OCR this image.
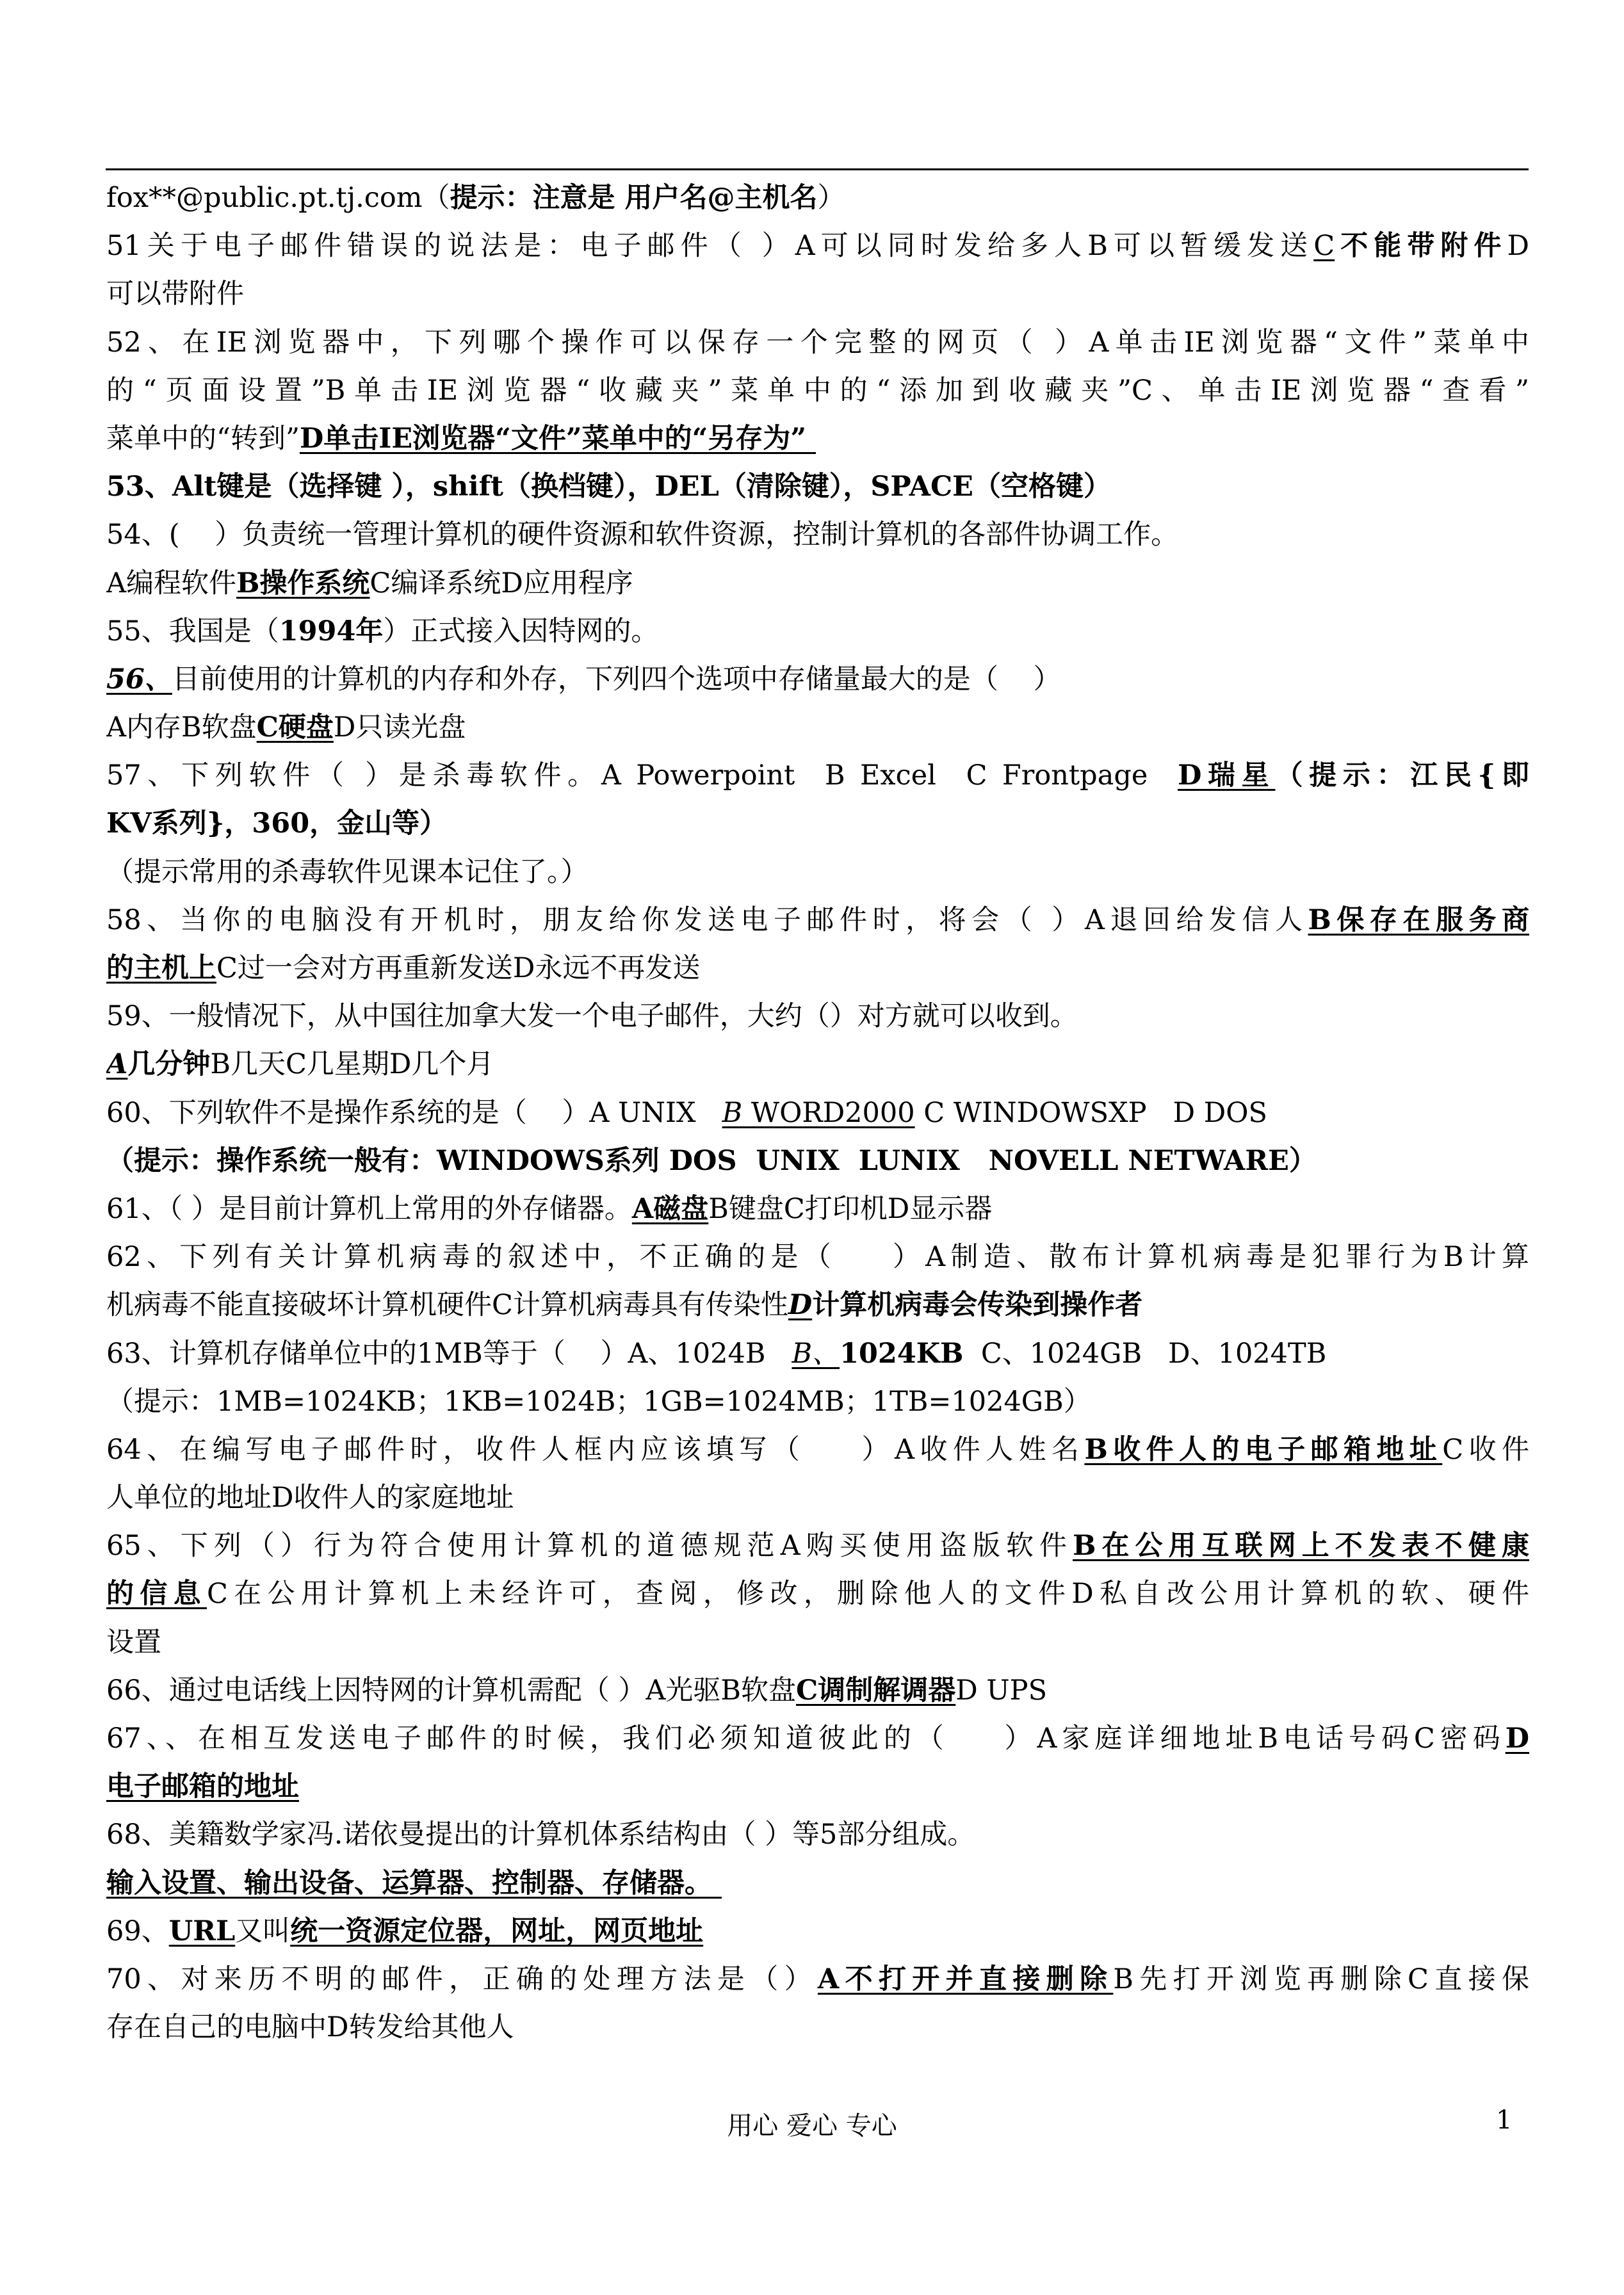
fox**@public.pt.tj.com（提示：注意是 用户名@主机名）
51关于电子邮件错误的说法是：电子邮件（ ）A可以同时发给多人B可以暂缓发送C不能带附件D
可以带附件
52、在IE浏览器中，下列哪个操作可以保存一个完整的网页（ ）A单击IE浏览器“文件”菜单中
的“页面设置”B单击IE浏览器“收藏夹”菜单中的“添加到收藏夹”C、单击IE浏览器“查看”
菜单中的“转到”D单击IE浏览器“文件”菜单中的“另存为”
53、Alt键是（选择键 ），shift（换档键），DEL（清除键），SPACE（空格键）
54、(    ）负责统一管理计算机的硬件资源和软件资源，控制计算机的各部件协调工作。
A编程软件B操作系统C编译系统D应用程序
55、我国是（1994年）正式接入因特网的。
56、目前使用的计算机的内存和外存，下列四个选项中存储量最大的是（    ）
A内存B软盘C硬盘D只读光盘
57、下列软件（ ）是杀毒软件。A Powerpoint  B Excel  C Frontpage  D瑞星（提示：江民{即
KV系列}，360，金山等）
（提示常用的杀毒软件见课本记住了。）
58、当你的电脑没有开机时，朋友给你发送电子邮件时，将会（ ）A退回给发信人B保存在服务商
的主机上C过一会对方再重新发送D永远不再发送
59、一般情况下，从中国往加拿大发一个电子邮件，大约（）对方就可以收到。
A几分钟B几天C几星期D几个月
60、下列软件不是操作系统的是（    ）A UNIX   B WORD2000 C WINDOWSXP   D DOS
（提示：操作系统一般有：WINDOWS系列 DOS  UNIX  LUNIX   NOVELL NETWARE）
61、（ ）是目前计算机上常用的外存储器。A磁盘B键盘C打印机D显示器
62、下列有关计算机病毒的叙述中，不正确的是（    ）A制造、散布计算机病毒是犯罪行为B计算
机病毒不能直接破坏计算机硬件C计算机病毒具有传染性D计算机病毒会传染到操作者
63、计算机存储单位中的1MB等于（    ）A、1024B   B、1024KB  C、1024GB   D、1024TB
（提示：1MB=1024KB；1KB=1024B；1GB=1024MB；1TB=1024GB）
64、在编写电子邮件时，收件人框内应该填写（    ）A收件人姓名B收件人的电子邮箱地址C收件
人单位的地址D收件人的家庭地址
65、下列（）行为符合使用计算机的道德规范A购买使用盗版软件B在公用互联网上不发表不健康
的信息C在公用计算机上未经许可，查阅，修改，删除他人的文件D私自改公用计算机的软、硬件
设置
66、通过电话线上因特网的计算机需配（ ）A光驱B软盘C调制解调器D UPS
67、、在相互发送电子邮件的时候，我们必须知道彼此的（    ）A家庭详细地址B电话号码C密码D
电子邮箱的地址
68、美籍数学家冯.诺依曼提出的计算机体系结构由（ ）等5部分组成。
输入设置、输出设备、运算器、控制器、存储器。
69、URL又叫统一资源定位器，网址，网页地址
70、对来历不明的邮件，正确的处理方法是（）A不打开并直接删除B先打开浏览再删除C直接保
存在自己的电脑中D转发给其他人
用心 爱心 专心	1
